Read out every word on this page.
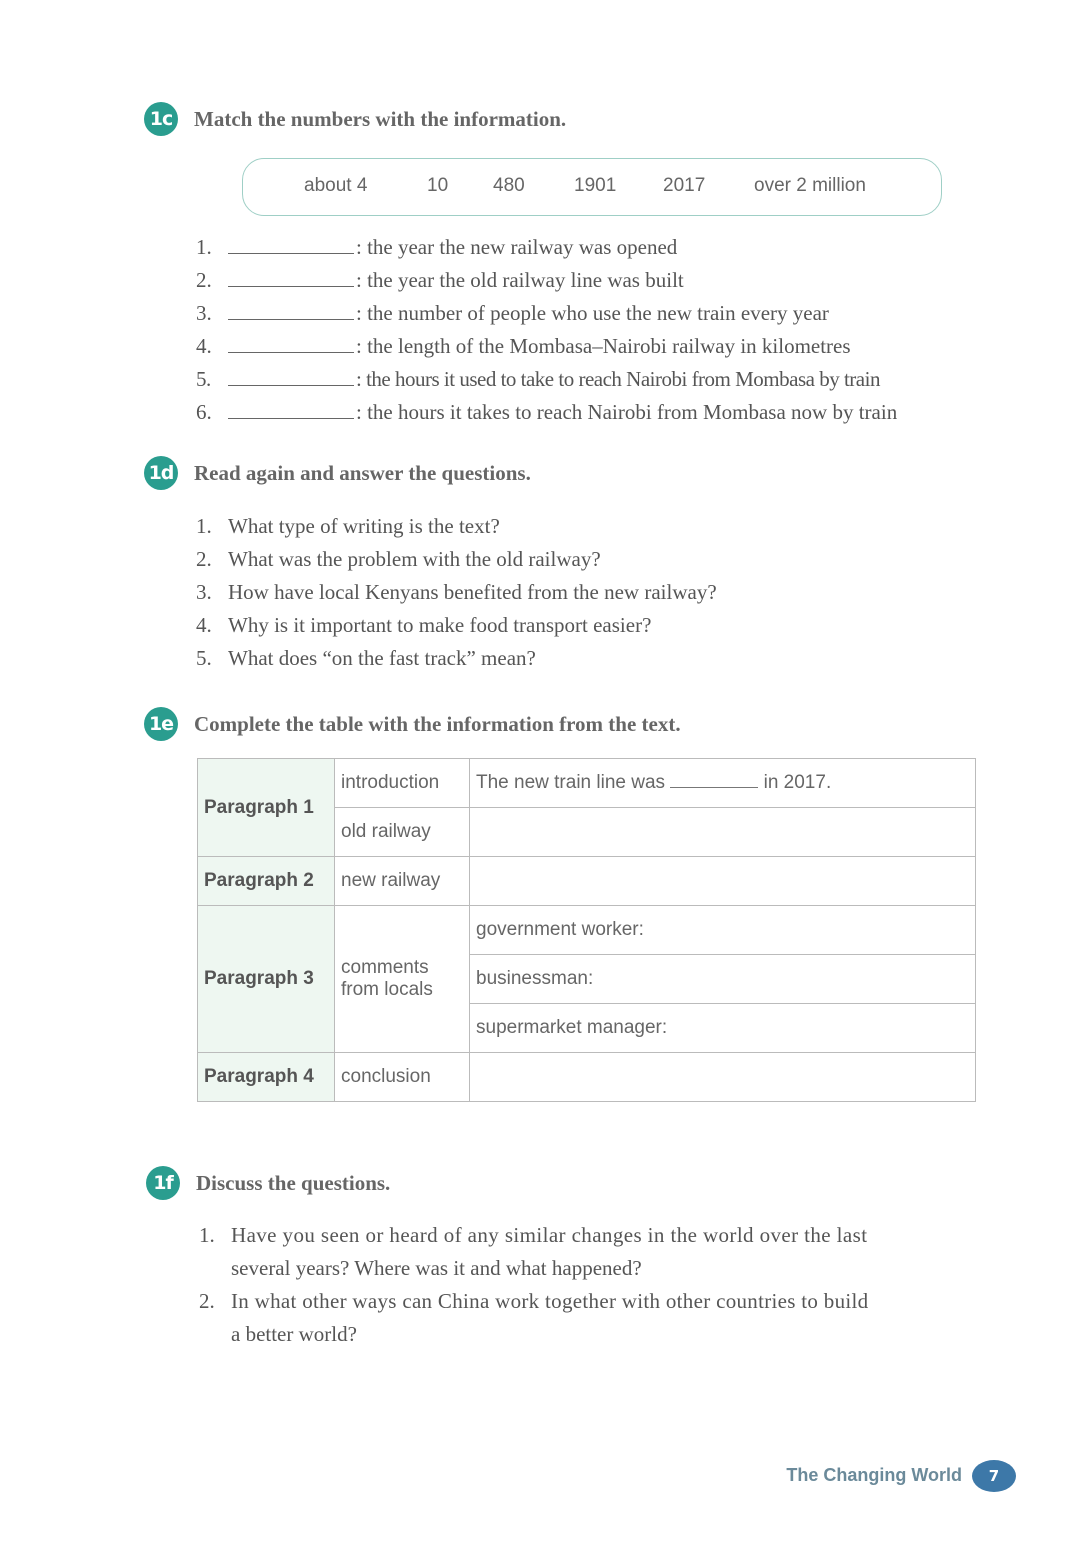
1c Match the numbers with the information.
about 4	10 480	1901 2017	over 2 million
1.	: the year the new railway was opened
2.	: the year the old railway line was built
3.	: the number of people who use the new train every year
4.	: the length of the Mombasa–Nairobi railway in kilometres
5.	: the hours it used to take to reach Nairobi from Mombasa by train
6.	: the hours it takes to reach Nairobi from Mombasa now by train
1d Read again and answer the questions.
1. What type of writing is the text?
2. What was the problem with the old railway?
3. How have local Kenyans benefited from the new railway?
4. Why is it important to make food transport easier?
5. What does “on the fast track” mean?
1e Complete the table with the information from the text.
Paragraph 1	introduction	The new train line was in 2017.
	old railway	
Paragraph 2	new railway	
Paragraph 3	comments from locals	government worker:
		businessman:
		supermarket manager:
Paragraph 4	conclusion	
1f	Discuss the questions.
1. Have you seen or heard of any similar changes in the world over the last
several years? Where was it and what happened?
2. In what other ways can China work together with other countries to build
a better world?
The Changing World	7
